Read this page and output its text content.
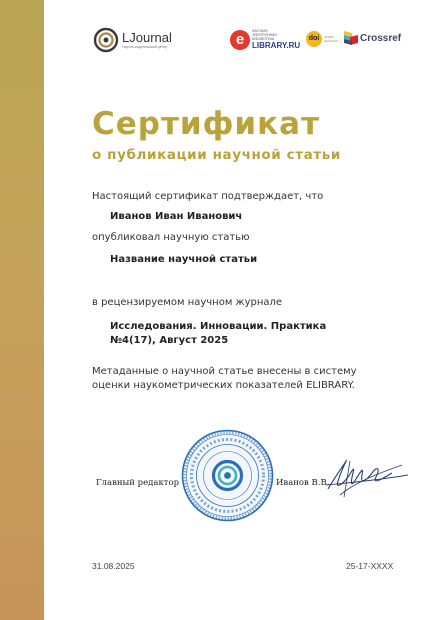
LJournal
Научно-издательский центр	e	НАУЧНАЯ ЭЛЕКТРОННАЯ БИБЛИОТЕКА
LIBRARY.RU
doi	ЗАКАЗ ЗНАК DOI Crossref
Сертификат
о публикации научной статьи
Настоящий сертификат подтверждает, что
Иванов Иван Иванович
опубликовал научную статью
Название научной статьи
в рецензируемом научном журнале
Исследования. Инновации. Практика
№4(17), Август 2025
Метаданные о научной статье внесены в систему
оценки наукометрических показателей ELIBRARY.
Главный редактор	Иванов В.В.
31.08.2025	25-17-XXXX
